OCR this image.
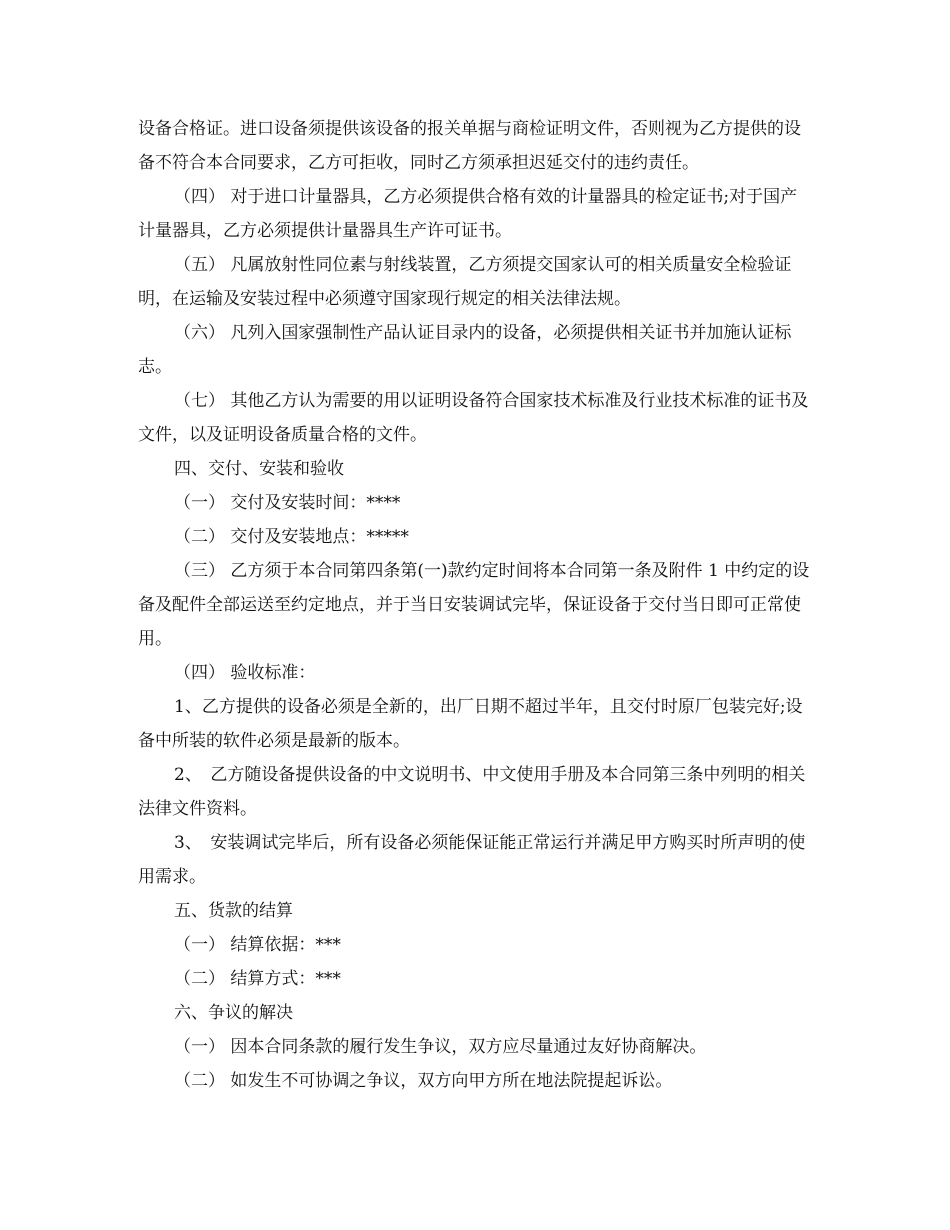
设备合格证。进口设备须提供该设备的报关单据与商检证明文件，否则视为乙方提供的设备不符合本合同要求，乙方可拒收，同时乙方须承担迟延交付的违约责任。

（四） 对于进口计量器具，乙方必须提供合格有效的计量器具的检定证书;对于国产计量器具，乙方必须提供计量器具生产许可证书。

（五） 凡属放射性同位素与射线装置，乙方须提交国家认可的相关质量安全检验证明，在运输及安装过程中必须遵守国家现行规定的相关法律法规。

（六） 凡列入国家强制性产品认证目录内的设备，必须提供相关证书并加施认证标志。

（七） 其他乙方认为需要的用以证明设备符合国家技术标准及行业技术标准的证书及文件，以及证明设备质量合格的文件。

四、交付、安装和验收

（一） 交付及安装时间：****

（二） 交付及安装地点：*****

（三） 乙方须于本合同第四条第(一)款约定时间将本合同第一条及附件 1 中约定的设备及配件全部运送至约定地点，并于当日安装调试完毕，保证设备于交付当日即可正常使用。

（四） 验收标准：

1、乙方提供的设备必须是全新的，出厂日期不超过半年，且交付时原厂包装完好;设备中所装的软件必须是最新的版本。

2、　乙方随设备提供设备的中文说明书、中文使用手册及本合同第三条中列明的相关法律文件资料。

3、　安装调试完毕后，所有设备必须能保证能正常运行并满足甲方购买时所声明的使用需求。

五、货款的结算

（一） 结算依据：***

（二） 结算方式：***

六、争议的解决

（一） 因本合同条款的履行发生争议，双方应尽量通过友好协商解决。

（二） 如发生不可协调之争议，双方向甲方所在地法院提起诉讼。
